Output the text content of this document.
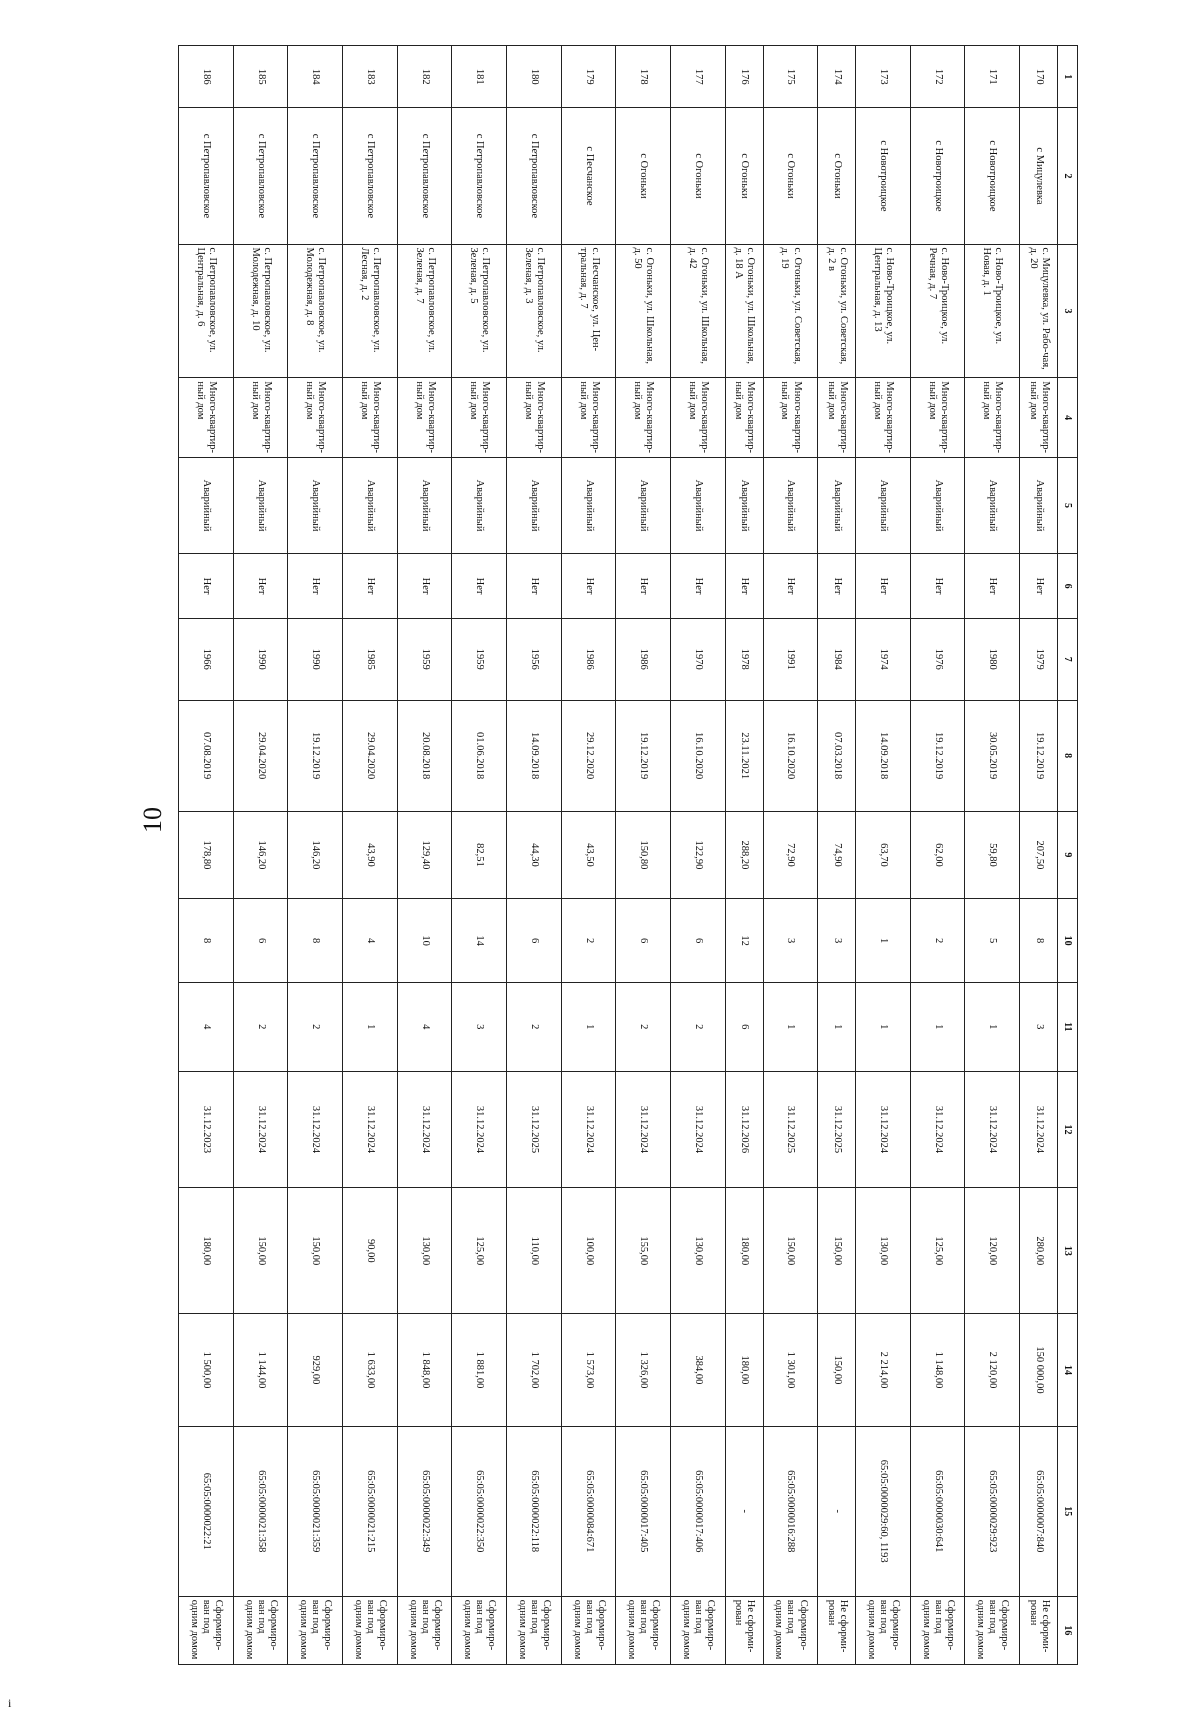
10
i
1	2	3	4	5	6	7	8	9	10	11	12	13	14	15	16
170	с Мицулевка	с. Мицулевка, ул. Рабо-чая, д. 20	Много-квартир-ный дом	Аварийный	Нет	1979	19.12.2019	207,50	8	3	31.12.2024	280,00	150 000,00	65:05:0000007:840	Не сформи-рован
171	с Новотроицкое	с. Ново-Троицкое, ул. Новая, д. 1	Много-квартир-ный дом	Аварийный	Нет	1980	30.05.2019	59,80	5	1	31.12.2024	120,00	2 120,00	65:05:0000029:923	Сформиро-ван под одним домом
172	с Новотроицкое	с. Ново-Троицкое, ул. Речная, д. 7	Много-квартир-ный дом	Аварийный	Нет	1976	19.12.2019	62,00	2	1	31.12.2024	125,00	1 148,00	65:05:0000030:641	Сформиро-ван под одним домом
173	с Новотроицкое	с. Ново-Троицкое, ул. Центральная, д. 13	Много-квартир-ный дом	Аварийный	Нет	1974	14.09.2018	63,70	1	1	31.12.2024	130,00	2 214,00	65:05:0000029:60, 1193	Сформиро-ван под одним домом
174	с Огоньки	с. Огоньки, ул. Советская, д. 2 в	Много-квартир-ный дом	Аварийный	Нет	1984	07.03.2018	74,90	3	1	31.12.2025	150,00	150,00	-	Не сформи-рован
175	с Огоньки	с. Огоньки, ул. Советская, д. 19	Много-квартир-ный дом	Аварийный	Нет	1991	16.10.2020	72,90	3	1	31.12.2025	150,00	1 301,00	65:05:0000016:288	Сформиро-ван под одним домом
176	с Огоньки	с. Огоньки, ул. Школьная, д. 18 А	Много-квартир-ный дом	Аварийный	Нет	1978	23.11.2021	288,20	12	6	31.12.2026	180,00	180,00	-	Не сформи-рован
177	с Огоньки	с. Огоньки, ул. Школьная, д. 42	Много-квартир-ный дом	Аварийный	Нет	1970	16.10.2020	122,90	6	2	31.12.2024	130,00	384,00	65:05:0000017:406	Сформиро-ван под одним домом
178	с Огоньки	с. Огоньки, ул. Школьная, д. 50	Много-квартир-ный дом	Аварийный	Нет	1986	19.12.2019	150,80	6	2	31.12.2024	155,00	1 326,00	65:05:0000017:405	Сформиро-ван под одним домом
179	с Песчанское	с. Песчанское, ул. Цен-тральная, д. 7	Много-квартир-ный дом	Аварийный	Нет	1986	29.12.2020	43,50	2	1	31.12.2024	100,00	1 573,00	65:05:0000084:671	Сформиро-ван под одним домом
180	с Петропавловское	с. Петропавловское, ул. Зеленая, д. 3	Много-квартир-ный дом	Аварийный	Нет	1956	14.09.2018	44,30	6	2	31.12.2025	110,00	1 702,00	65:05:0000022:118	Сформиро-ван под одним домом
181	с Петропавловское	с. Петропавловское, ул. Зеленая, д. 5	Много-квартир-ный дом	Аварийный	Нет	1959	01.06.2018	82,51	14	3	31.12.2024	125,00	1 881,00	65:05:0000022:350	Сформиро-ван под одним домом
182	с Петропавловское	с. Петропавловское, ул. Зеленая, д. 7	Много-квартир-ный дом	Аварийный	Нет	1959	20.08.2018	129,40	10	4	31.12.2024	130,00	1 848,00	65:05:0000022:349	Сформиро-ван под одним домом
183	с Петропавловское	с. Петропавловское, ул. Лесная, д. 2	Много-квартир-ный дом	Аварийный	Нет	1985	29.04.2020	43,90	4	1	31.12.2024	90,00	1 633,00	65:05:0000021:215	Сформиро-ван под одним домом
184	с Петропавловское	с. Петропавловское, ул. Молодежная, д. 8	Много-квартир-ный дом	Аварийный	Нет	1990	19.12.2019	146,20	8	2	31.12.2024	150,00	929,00	65:05:0000021:359	Сформиро-ван под одним домом
185	с Петропавловское	с. Петропавловское, ул. Молодежная, д. 10	Много-квартир-ный дом	Аварийный	Нет	1990	29.04.2020	146,20	6	2	31.12.2024	150,00	1 144,00	65:05:0000021:358	Сформиро-ван под одним домом
186	с Петропавловское	с. Петропавловское, ул. Центральная, д. 6	Много-квартир-ный дом	Аварийный	Нет	1966	07.08.2019	178,80	8	4	31.12.2023	180,00	1 500,00	65:05:0000022:21	Сформиро-ван под одним домом
